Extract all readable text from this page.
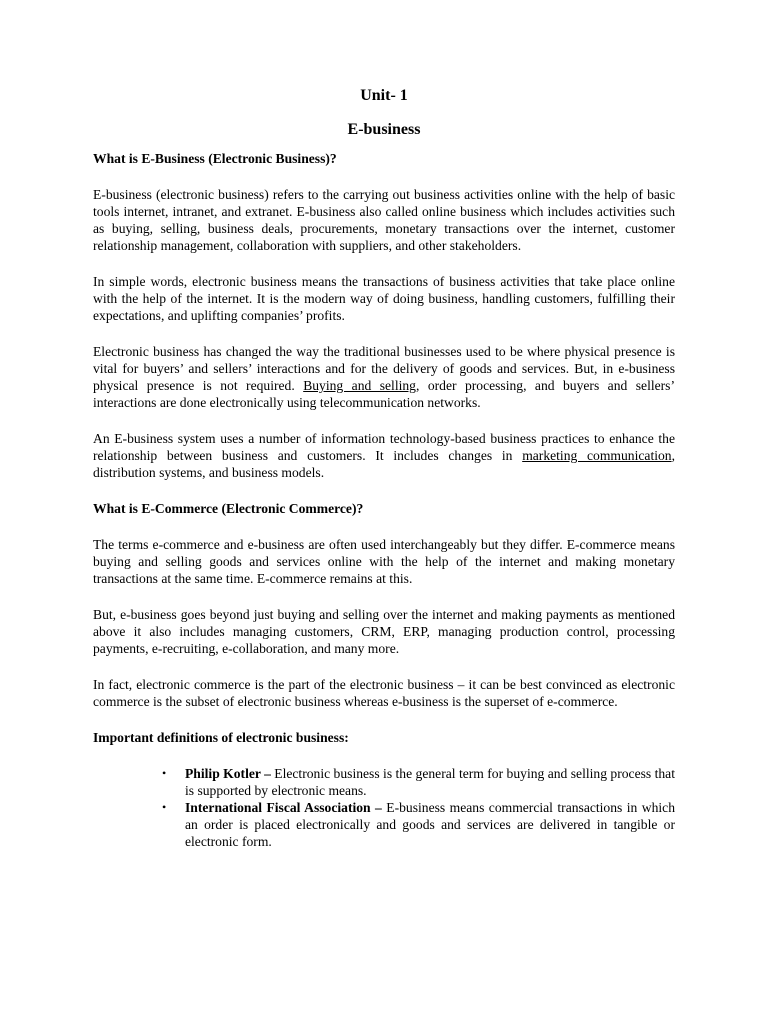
Unit- 1
E-business
What is E-Business (Electronic Business)?

E-business (electronic business) refers to the carrying out business activities online with the help of basic tools internet, intranet, and extranet. E-business also called online business which includes activities such as buying, selling, business deals, procurements, monetary transactions over the internet, customer relationship management, collaboration with suppliers, and other stakeholders.

In simple words, electronic business means the transactions of business activities that take place online with the help of the internet. It is the modern way of doing business, handling customers, fulfilling their expectations, and uplifting companies’ profits.

Electronic business has changed the way the traditional businesses used to be where physical presence is vital for buyers’ and sellers’ interactions and for the delivery of goods and services. But, in e-business physical presence is not required. Buying and selling, order processing, and buyers and sellers’ interactions are done electronically using telecommunication networks.

An E-business system uses a number of information technology-based business practices to enhance the relationship between business and customers. It includes changes in marketing communication, distribution systems, and business models.

What is E-Commerce (Electronic Commerce)?

The terms e-commerce and e-business are often used interchangeably but they differ. E-commerce means buying and selling goods and services online with the help of the internet and making monetary transactions at the same time. E-commerce remains at this.

But, e-business goes beyond just buying and selling over the internet and making payments as mentioned above it also includes managing customers, CRM, ERP, managing production control, processing payments, e-recruiting, e-collaboration, and many more.

In fact, electronic commerce is the part of the electronic business – it can be best convinced as electronic commerce is the subset of electronic business whereas e-business is the superset of e-commerce.

Important definitions of electronic business:
• Philip Kotler – Electronic business is the general term for buying and selling process that is supported by electronic means.
• International Fiscal Association – E-business means commercial transactions in which an order is placed electronically and goods and services are delivered in tangible or electronic form.
